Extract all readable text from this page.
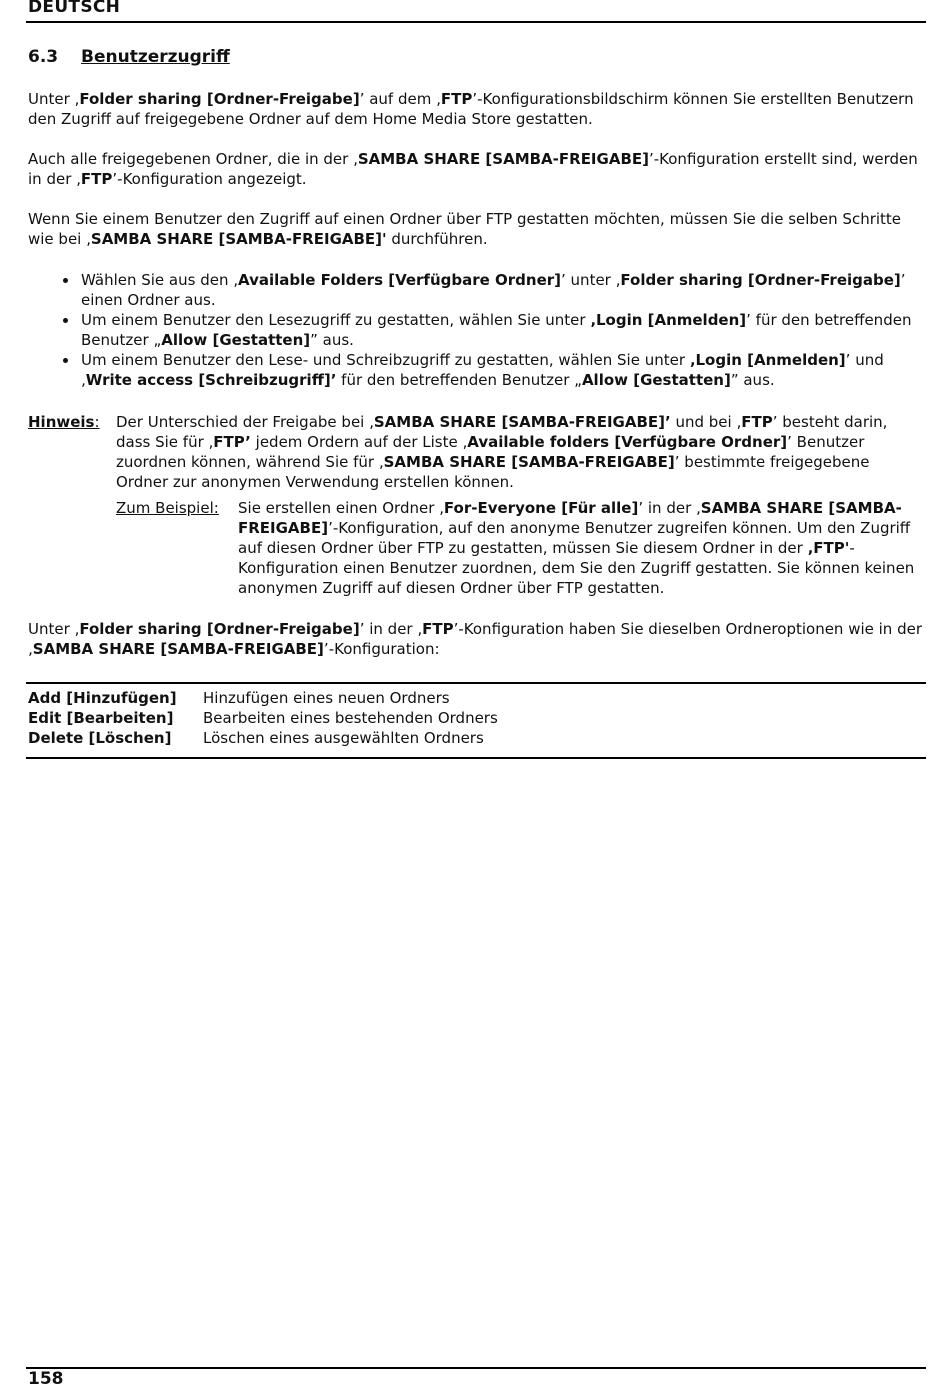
DEUTSCH
6.3 Benutzerzugriff

Unter ‚Folder sharing [Ordner-Freigabe]’ auf dem ‚FTP’-Konfigurationsbildschirm können Sie erstellten Benutzern den Zugriff auf freigegebene Ordner auf dem Home Media Store gestatten.

Auch alle freigegebenen Ordner, die in der ‚SAMBA SHARE [SAMBA-FREIGABE]’-Konfiguration erstellt sind, werden in der ‚FTP’-Konfiguration angezeigt.

Wenn Sie einem Benutzer den Zugriff auf einen Ordner über FTP gestatten möchten, müssen Sie die selben Schritte wie bei ‚SAMBA SHARE [SAMBA-FREIGABE]' durchführen.

Wählen Sie aus den ‚Available Folders [Verfügbare Ordner]’ unter ‚Folder sharing [Ordner-Freigabe]’ einen Ordner aus.
Um einem Benutzer den Lesezugriff zu gestatten, wählen Sie unter ‚Login [Anmelden]’ für den betreffenden Benutzer „Allow [Gestatten]” aus.
Um einem Benutzer den Lese- und Schreibzugriff zu gestatten, wählen Sie unter ‚Login [Anmelden]’ und ‚Write access [Schreibzugriff]’ für den betreffenden Benutzer „Allow [Gestatten]” aus.
Hinweis: Der Unterschied der Freigabe bei ‚SAMBA SHARE [SAMBA-FREIGABE]’ und bei ‚FTP’ besteht darin, dass Sie für ‚FTP’ jedem Ordern auf der Liste ‚Available folders [Verfügbare Ordner]’ Benutzer zuordnen können, während Sie für ‚SAMBA SHARE [SAMBA-FREIGABE]’ bestimmte freigegebene Ordner zur anonymen Verwendung erstellen können.

Zum Beispiel: Sie erstellen einen Ordner ‚For-Everyone [Für alle]’ in der ‚SAMBA SHARE [SAMBA-FREIGABE]’-Konfiguration, auf den anonyme Benutzer zugreifen können. Um den Zugriff auf diesen Ordner über FTP zu gestatten, müssen Sie diesem Ordner in der ‚FTP'-Konfiguration einen Benutzer zuordnen, dem Sie den Zugriff gestatten. Sie können keinen anonymen Zugriff auf diesen Ordner über FTP gestatten.

Unter ‚Folder sharing [Ordner-Freigabe]’ in der ‚FTP’-Konfiguration haben Sie dieselben Ordneroptionen wie in der ‚SAMBA SHARE [SAMBA-FREIGABE]’-Konfiguration:

Add [Hinzufügen]	Hinzufügen eines neuen Ordners
Edit [Bearbeiten]	Bearbeiten eines bestehenden Ordners
Delete [Löschen]	Löschen eines ausgewählten Ordners
158
